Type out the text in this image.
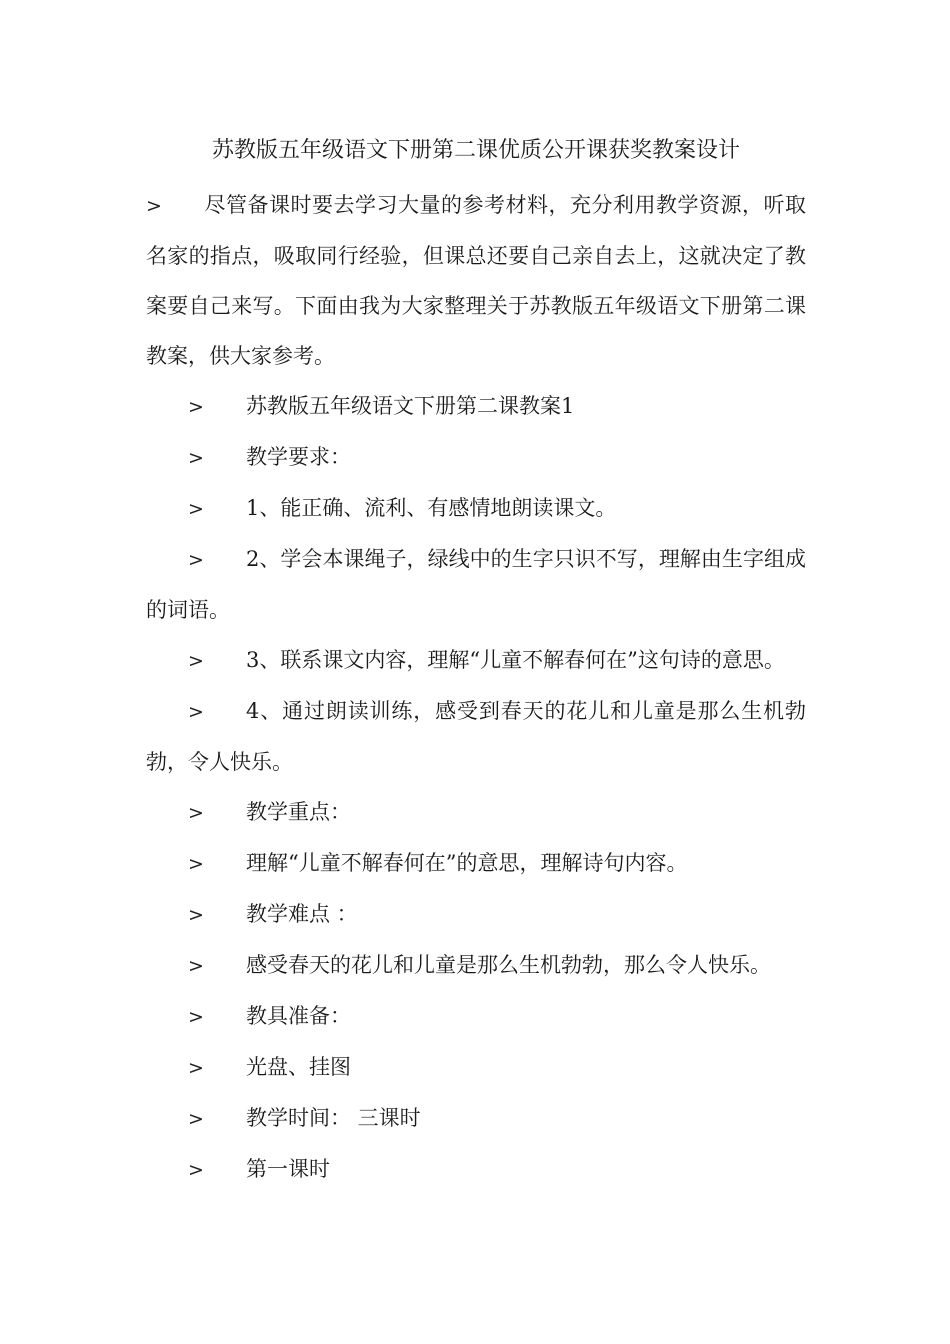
苏教版五年级语文下册第二课优质公开课获奖教案设计

> 尽管备课时要去学习大量的参考材料，充分利用教学资源，听取名家的指点，吸取同行经验，但课总还要自己亲自去上，这就决定了教案要自己来写。下面由我为大家整理关于苏教版五年级语文下册第二课教案，供大家参考。

> 苏教版五年级语文下册第二课教案1

> 教学要求：

> 1、能正确、流利、有感情地朗读课文。

> 2、学会本课绳子，绿线中的生字只识不写，理解由生字组成的词语。

> 3、联系课文内容，理解“儿童不解春何在”这句诗的意思。

> 4、通过朗读训练，感受到春天的花儿和儿童是那么生机勃勃，令人快乐。

> 教学重点：

> 理解“儿童不解春何在”的意思，理解诗句内容。

> 教学难点 ：

> 感受春天的花儿和儿童是那么生机勃勃，那么令人快乐。

> 教具准备：

> 光盘、挂图

> 教学时间： 三课时

> 第一课时
